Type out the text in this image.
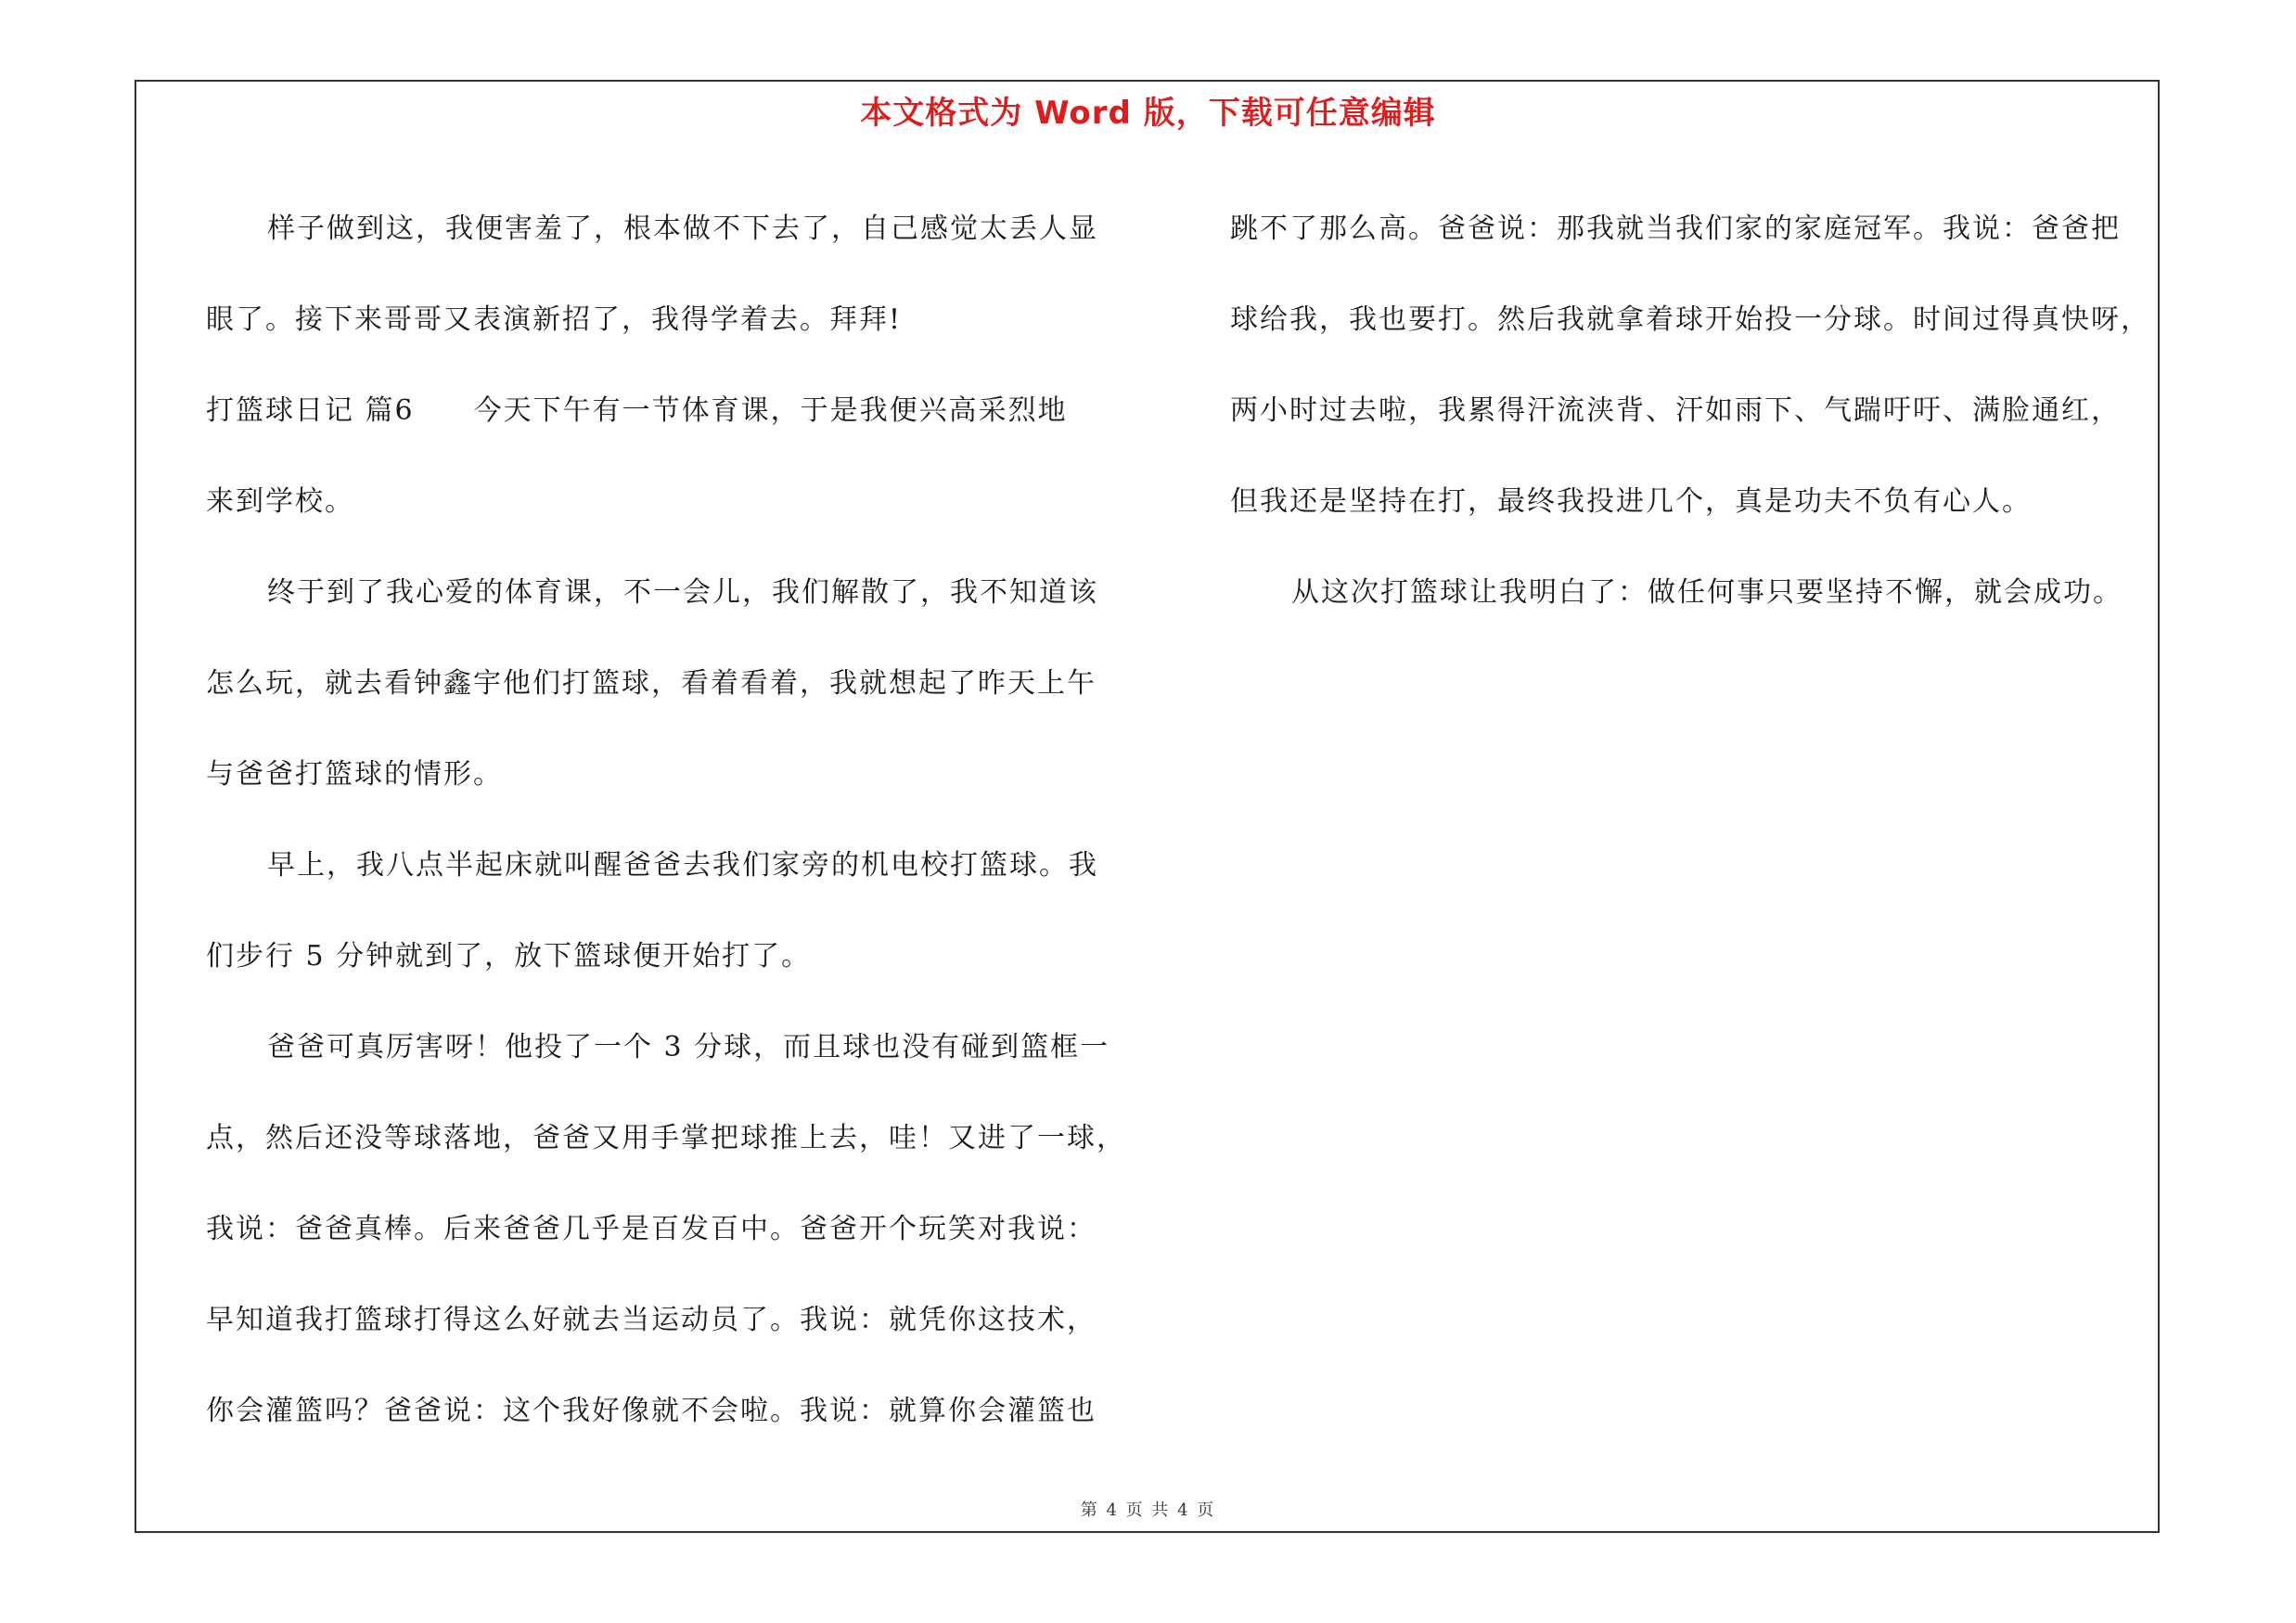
本文格式为 Word 版，下载可任意编辑
样子做到这，我便害羞了，根本做不下去了，自己感觉太丢人显
眼了。接下来哥哥又表演新招了，我得学着去。拜拜!
打篮球日记 篇6 今天下午有一节体育课，于是我便兴高采烈地
来到学校。
终于到了我心爱的体育课，不一会儿，我们解散了，我不知道该
怎么玩，就去看钟鑫宇他们打篮球，看着看着，我就想起了昨天上午
与爸爸打篮球的情形。
早上，我八点半起床就叫醒爸爸去我们家旁的机电校打篮球。我
们步行 5 分钟就到了，放下篮球便开始打了。
爸爸可真厉害呀！他投了一个 3 分球，而且球也没有碰到篮框一
点，然后还没等球落地，爸爸又用手掌把球推上去，哇！又进了一球，
我说：爸爸真棒。后来爸爸几乎是百发百中。爸爸开个玩笑对我说：
早知道我打篮球打得这么好就去当运动员了。我说：就凭你这技术，
你会灌篮吗？爸爸说：这个我好像就不会啦。我说：就算你会灌篮也
跳不了那么高。爸爸说：那我就当我们家的家庭冠军。我说：爸爸把
球给我，我也要打。然后我就拿着球开始投一分球。时间过得真快呀，
两小时过去啦，我累得汗流浃背、汗如雨下、气踹吁吁、满脸通红，
但我还是坚持在打，最终我投进几个，真是功夫不负有心人。
从这次打篮球让我明白了：做任何事只要坚持不懈，就会成功。
第 4 页 共 4 页
